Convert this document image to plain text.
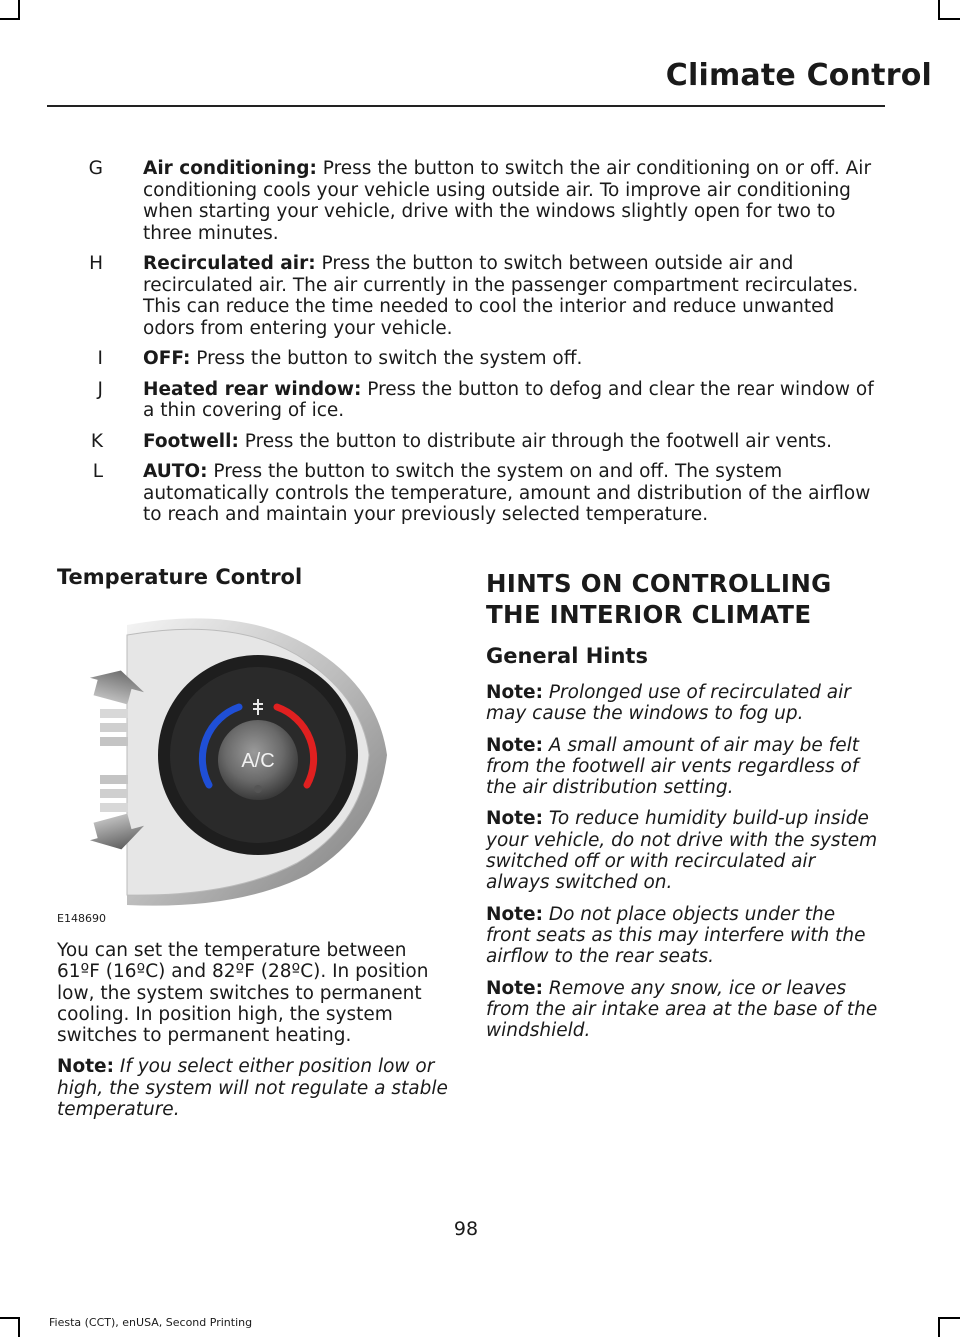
Climate Control
G	Air conditioning: Press the button to switch the air conditioning on or off. Air conditioning cools your vehicle using outside air. To improve air conditioning when starting your vehicle, drive with the windows slightly open for two to three minutes.
H	Recirculated air: Press the button to switch between outside air and recirculated air. The air currently in the passenger compartment recirculates. This can reduce the time needed to cool the interior and reduce unwanted odors from entering your vehicle.
I	OFF: Press the button to switch the system off.
J	Heated rear window: Press the button to defog and clear the rear window of a thin covering of ice.
K	Footwell: Press the button to distribute air through the footwell air vents.
L	AUTO: Press the button to switch the system on and off. The system automatically controls the temperature, amount and distribution of the airflow to reach and maintain your previously selected temperature.
Temperature Control
A/C
E148690

You can set the temperature between 61ºF (16ºC) and 82ºF (28ºC). In position low, the system switches to permanent cooling. In position high, the system switches to permanent heating.

Note: If you select either position low or high, the system will not regulate a stable temperature.

HINTS ON CONTROLLING THE INTERIOR CLIMATE
General Hints

Note: Prolonged use of recirculated air may cause the windows to fog up.

Note: A small amount of air may be felt from the footwell air vents regardless of the air distribution setting.

Note: To reduce humidity build-up inside your vehicle, do not drive with the system switched off or with recirculated air always switched on.

Note: Do not place objects under the front seats as this may interfere with the airflow to the rear seats.

Note: Remove any snow, ice or leaves from the air intake area at the base of the windshield.

98
Fiesta (CCT), enUSA, Second Printing
